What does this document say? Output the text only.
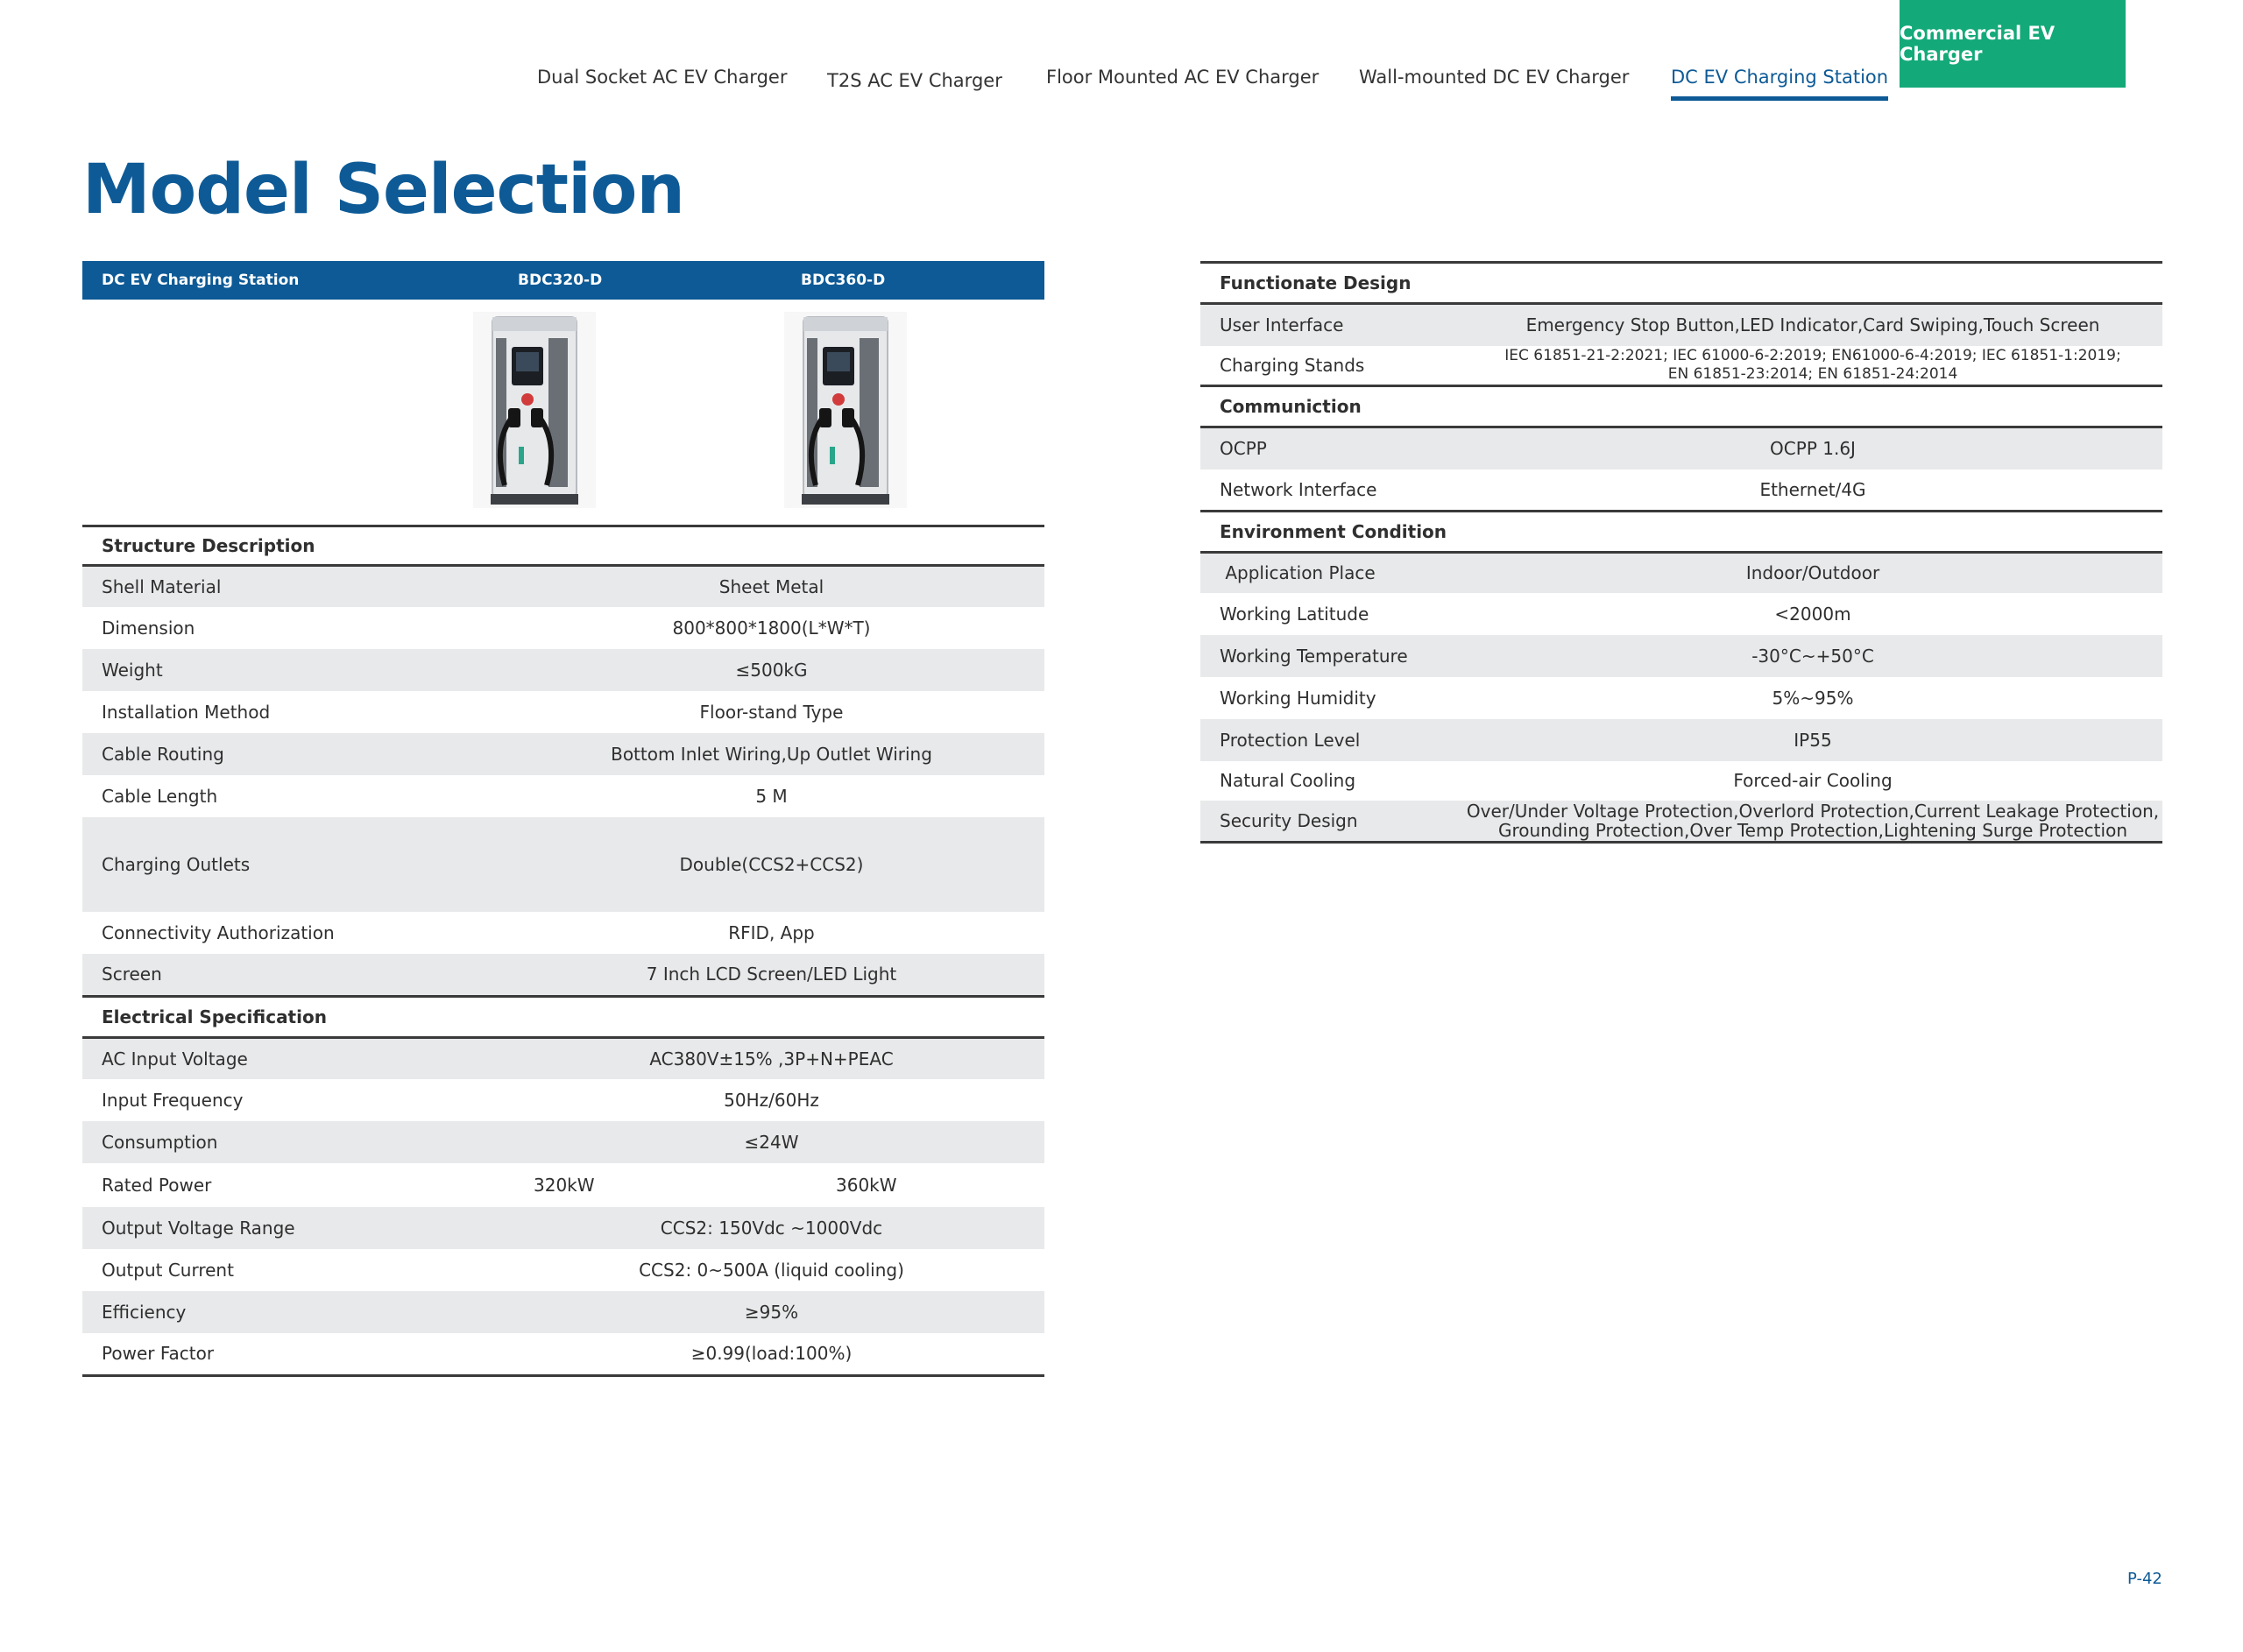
Dual Socket AC EV Charger T2S AC EV Charger Floor Mounted AC EV Charger Wall-mounted DC EV Charger DC EV Charging Station
Commercial EV Charger
Model Selection
DC EV Charging Station	BDC320-D	BDC360-D

Structure Description		
Shell Material	Sheet Metal	
Dimension	800*800*1800(L*W*T)	
Weight	≤500kG	
Installation Method	Floor-stand Type	
Cable Routing	Bottom Inlet Wiring,Up Outlet Wiring	
Cable Length	5 M	
Charging Outlets	Double(CCS2+CCS2)	
Connectivity Authorization	RFID, App	
Screen	7 Inch LCD Screen/LED Light	
Electrical Specification		
AC Input Voltage	AC380V±15% ,3P+N+PEAC	
Input Frequency	50Hz/60Hz	
Consumption	≤24W	
Rated Power	320kW	360kW
Output Voltage Range	CCS2: 150Vdc ~1000Vdc	
Output Current	CCS2: 0~500A (liquid cooling)	
Efficiency	≥95%	
Power Factor	≥0.99(load:100%)	
Functionate Design	
User Interface	Emergency Stop Button,LED Indicator,Card Swiping,Touch Screen
Charging Stands	IEC 61851-21-2:2021; IEC 61000-6-2:2019; EN61000-6-4:2019; IEC 61851-1:2019;
EN 61851-23:2014; EN 61851-24:2014

Communiction	
OCPP	OCPP 1.6J
Network Interface	Ethernet/4G
Environment Condition	
Application Place	Indoor/Outdoor
Working Latitude	<2000m
Working Temperature	-30°C~+50°C
Working Humidity	5%~95%
Protection Level	IP55
Natural Cooling	Forced-air Cooling
Security Design	Over/Under Voltage Protection,Overlord Protection,Current Leakage Protection,
Grounding Protection,Over Temp Protection,Lightening Surge Protection
P-42
